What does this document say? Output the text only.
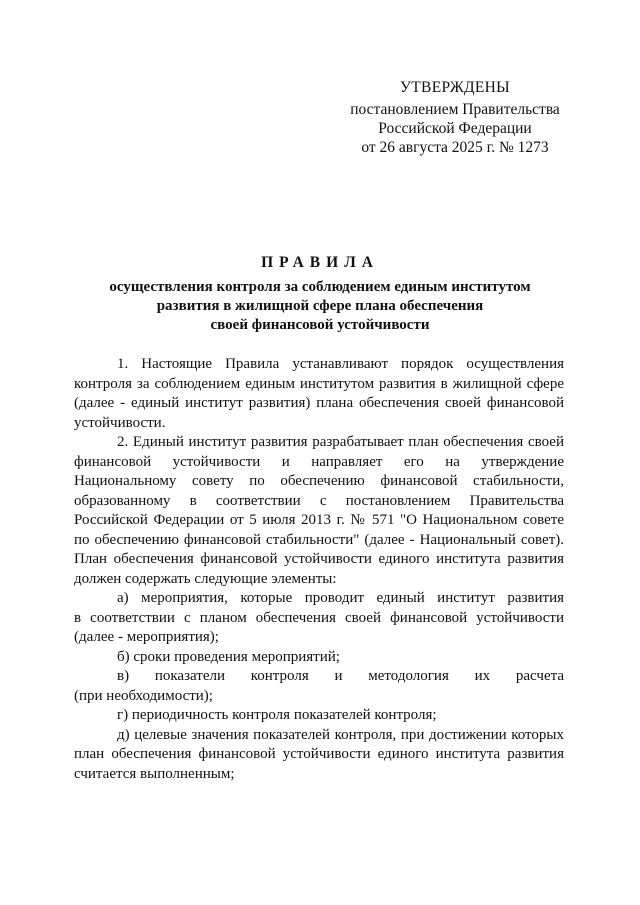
УТВЕРЖДЕНЫ
постановлением Правительства
Российской Федерации
от 26 августа 2025 г. № 1273
ПРАВИЛА
осуществления контроля за соблюдением единым институтом
развития в жилищной сфере плана обеспечения
своей финансовой устойчивости
1. Настоящие Правила устанавливают порядок осуществления
контроля за соблюдением единым институтом развития в жилищной сфере
(далее - единый институт развития) плана обеспечения своей финансовой
устойчивости.
2. Единый институт развития разрабатывает план обеспечения своей
финансовой устойчивости и направляет его на утверждение
Национальному совету по обеспечению финансовой стабильности,
образованному в соответствии с постановлением Правительства
Российской Федерации от 5 июля 2013 г. № 571 "О Национальном совете
по обеспечению финансовой стабильности" (далее - Национальный совет).
План обеспечения финансовой устойчивости единого института развития
должен содержать следующие элементы:
а) мероприятия, которые проводит единый институт развития
в соответствии с планом обеспечения своей финансовой устойчивости
(далее - мероприятия);
б) сроки проведения мероприятий;
в) показатели контроля и методология их расчета
(при необходимости);
г) периодичность контроля показателей контроля;
д) целевые значения показателей контроля, при достижении которых
план обеспечения финансовой устойчивости единого института развития
считается выполненным;
